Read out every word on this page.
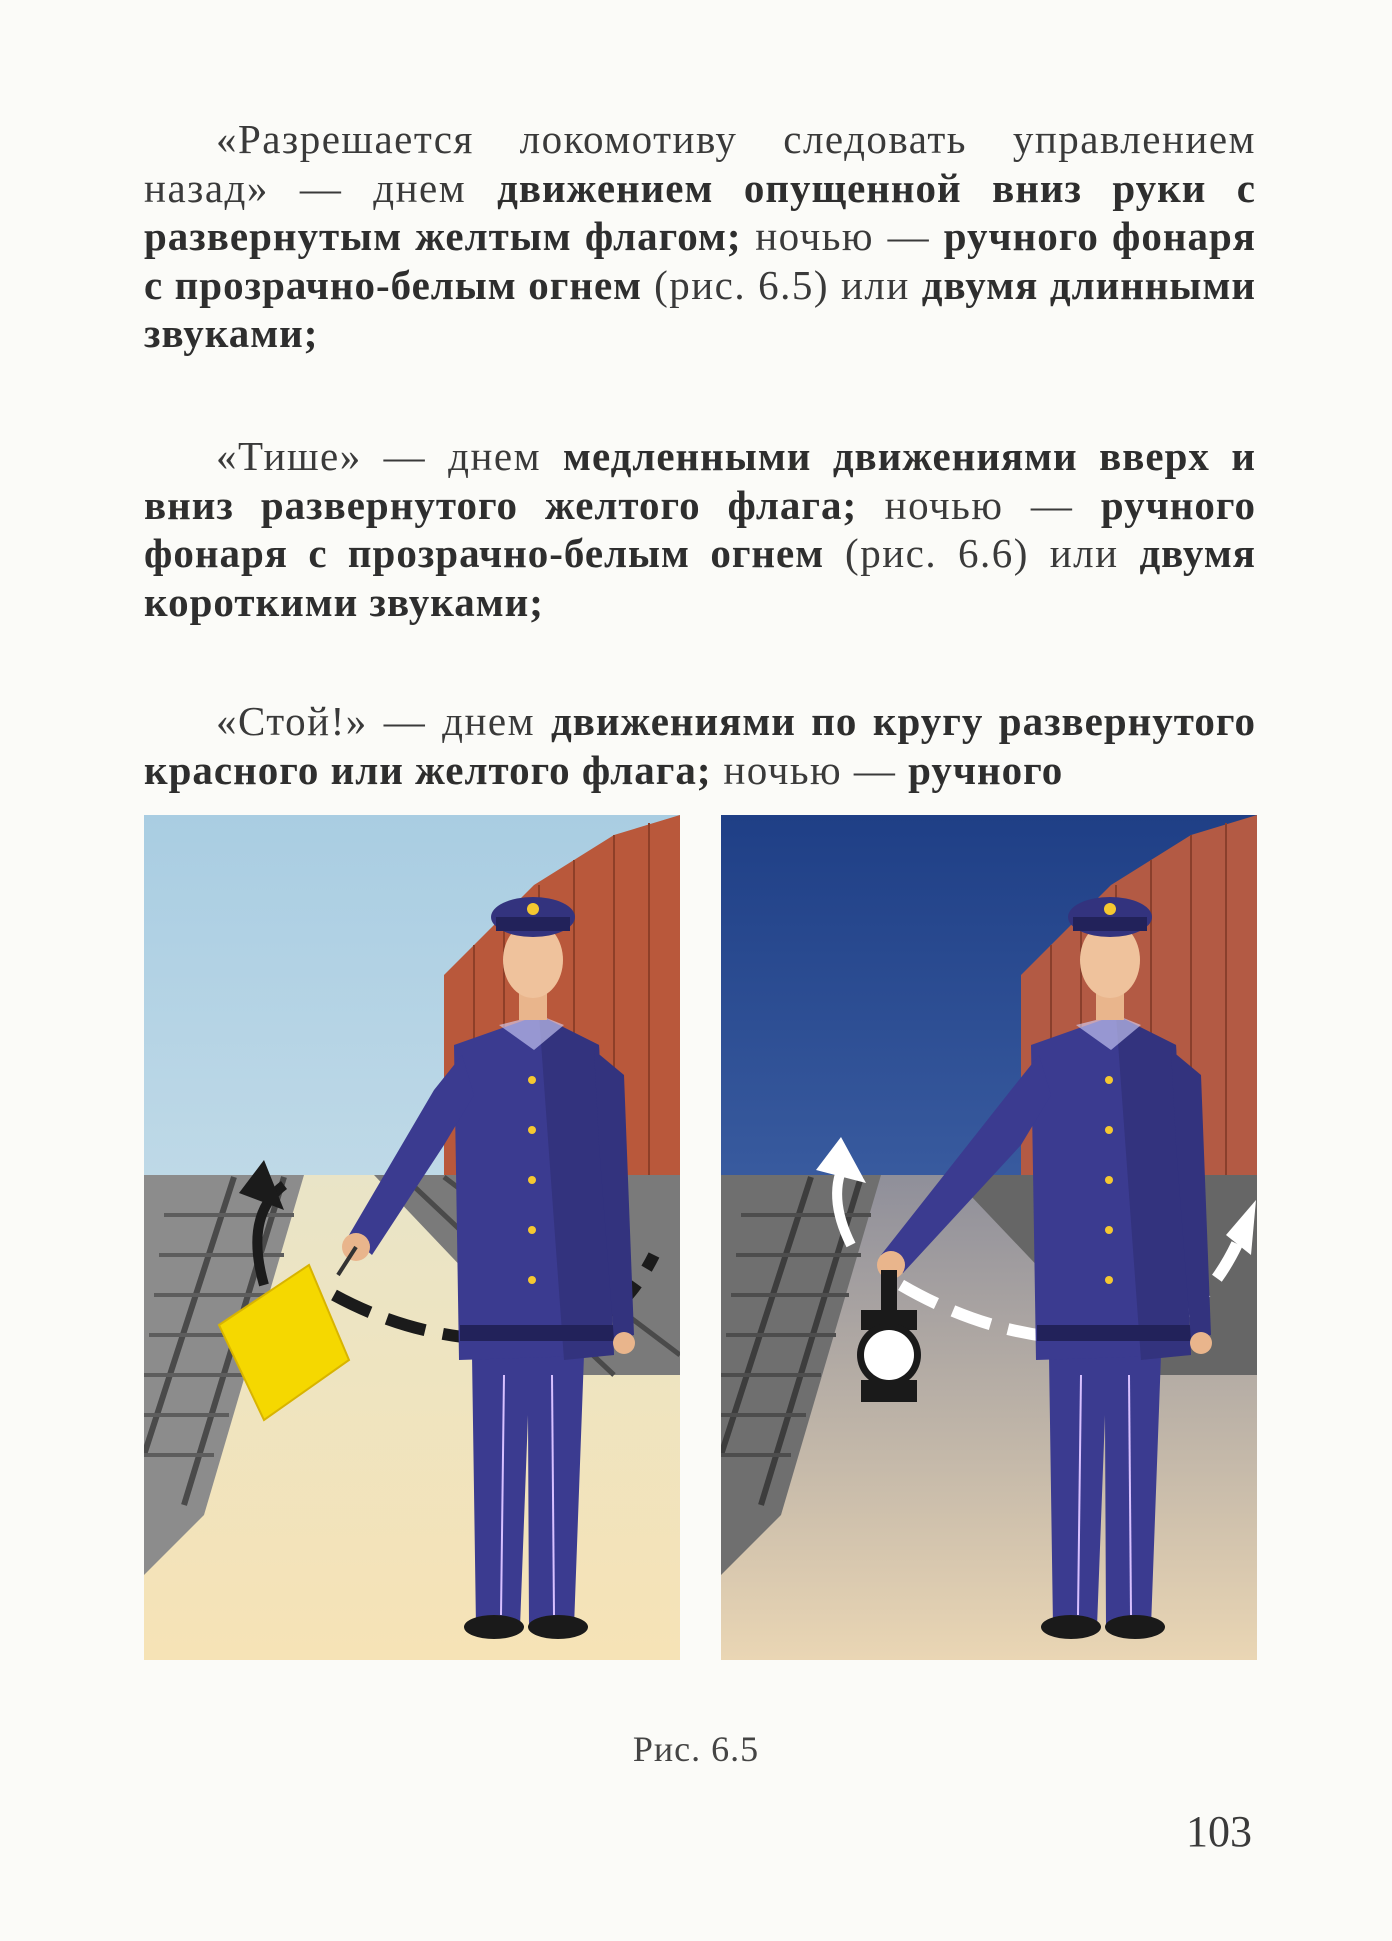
«Разрешается локомотиву следовать управлением назад» — днем движением опущенной вниз руки с развернутым желтым флагом; ночью — ручного фонаря с прозрачно-белым огнем (рис. 6.5) или двумя длинными звуками;

«Тише» — днем медленными движениями вверх и вниз развернутого желтого флага; ночью — ручного фонаря с прозрачно-белым огнем (рис. 6.6) или двумя короткими звуками;

«Стой!» — днем движениями по кругу развернутого красного или желтого флага; ночью — ручного

Рис. 6.5
103
